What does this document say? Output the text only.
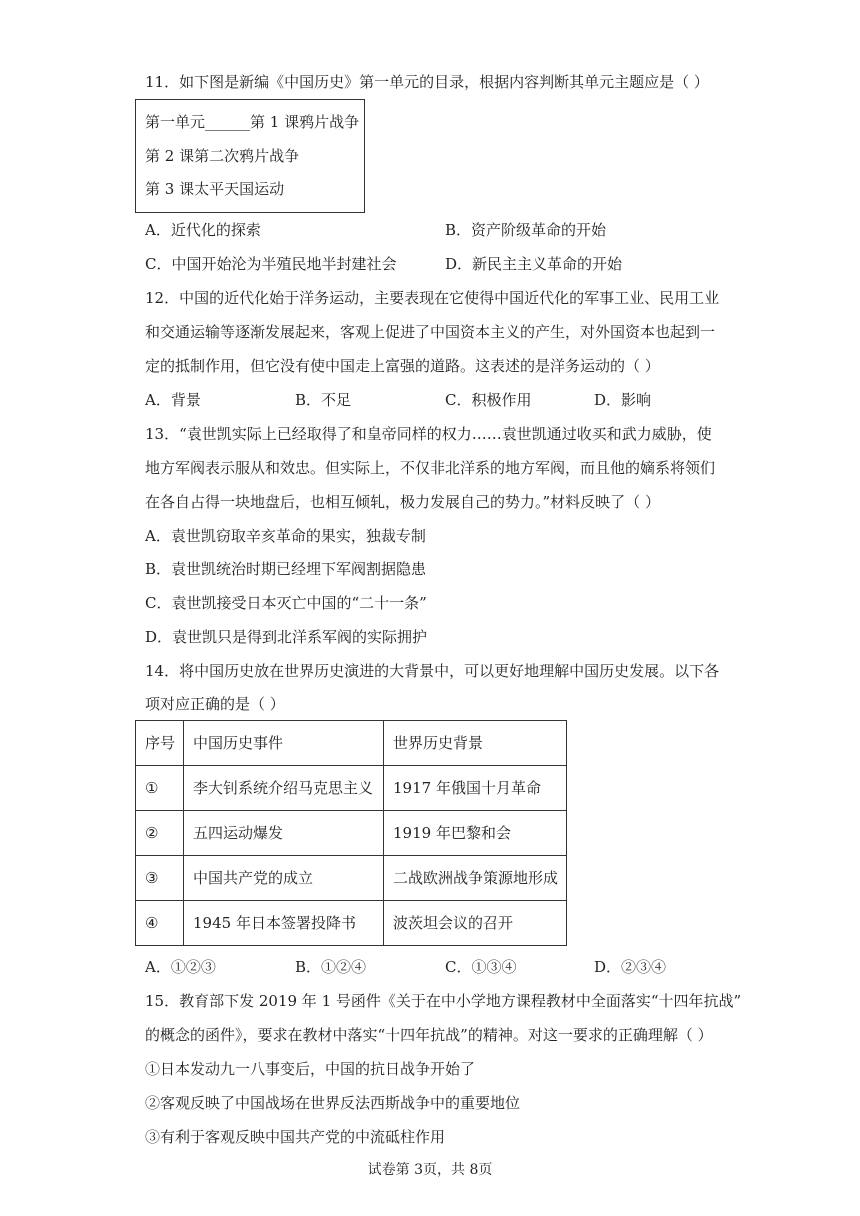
11．如下图是新编《中国历史》第一单元的目录，根据内容判断其单元主题应是（ ）
第一单元______第 1 课鸦片战争
第 2 课第二次鸦片战争
第 3 课太平天国运动
A．近代化的探索	B．资产阶级革命的开始
C．中国开始沦为半殖民地半封建社会	D．新民主主义革命的开始
12．中国的近代化始于洋务运动，主要表现在它使得中国近代化的军事工业、民用工业
和交通运输等逐渐发展起来，客观上促进了中国资本主义的产生，对外国资本也起到一
定的抵制作用，但它没有使中国走上富强的道路。这表述的是洋务运动的（ ）
A．背景	B．不足	C．积极作用	D．影响
13．“袁世凯实际上已经取得了和皇帝同样的权力……袁世凯通过收买和武力威胁，使
地方军阀表示服从和效忠。但实际上，不仅非北洋系的地方军阀，而且他的嫡系将领们
在各自占得一块地盘后，也相互倾轧，极力发展自己的势力。”材料反映了（ ）
A．袁世凯窃取辛亥革命的果实，独裁专制
B．袁世凯统治时期已经埋下军阀割据隐患
C．袁世凯接受日本灭亡中国的“二十一条”
D．袁世凯只是得到北洋系军阀的实际拥护
14．将中国历史放在世界历史演进的大背景中，可以更好地理解中国历史发展。以下各
项对应正确的是（ ）
序号	中国历史事件	世界历史背景
①	李大钊系统介绍马克思主义	1917 年俄国十月革命
②	五四运动爆发	1919 年巴黎和会
③	中国共产党的成立	二战欧洲战争策源地形成
④	1945 年日本签署投降书	波茨坦会议的召开
A．①②③	B．①②④	C．①③④	D．②③④
15．教育部下发 2019 年 1 号函件《关于在中小学地方课程教材中全面落实“十四年抗战”
的概念的函件》，要求在教材中落实“十四年抗战”的精神。对这一要求的正确理解（ ）
①日本发动九一八事变后，中国的抗日战争开始了
②客观反映了中国战场在世界反法西斯战争中的重要地位
③有利于客观反映中国共产党的中流砥柱作用
试卷第 3页，共 8页
